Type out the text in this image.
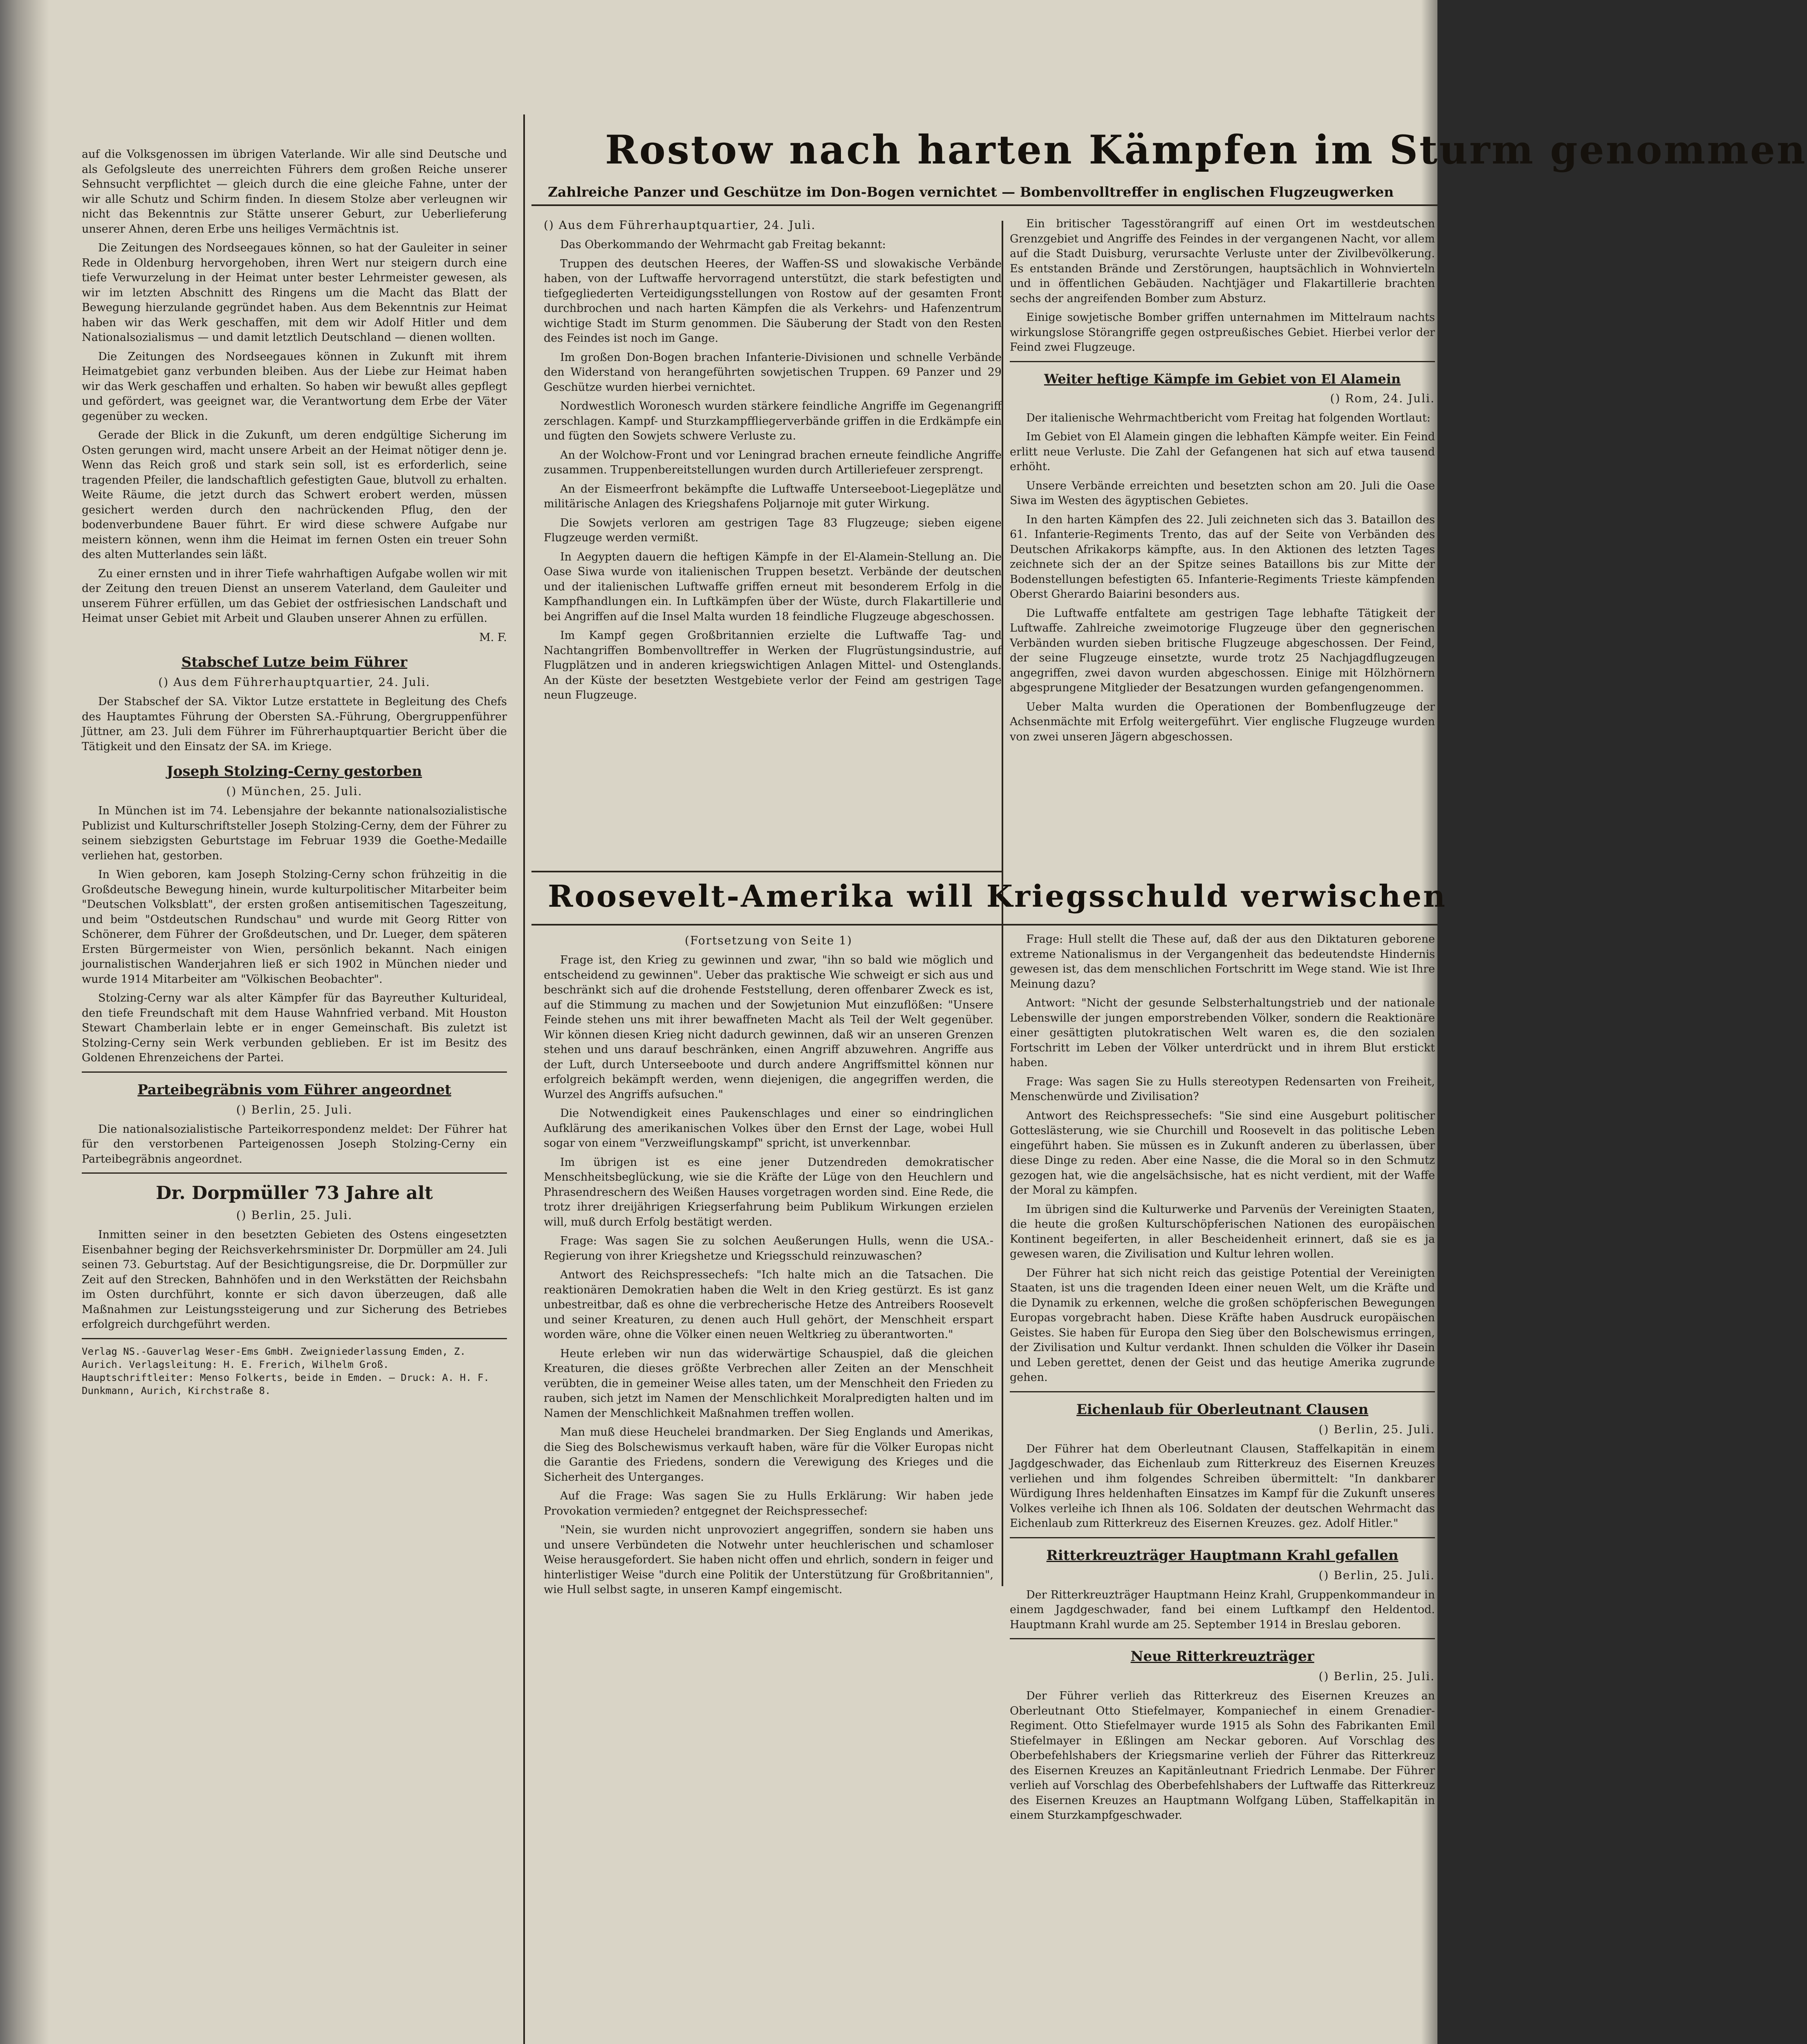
Rostow nach harten Kämpfen im Sturm genommen
Zahlreiche Panzer und Geschütze im Don-Bogen vernichtet — Bombenvolltreffer in englischen Flugzeugwerken

auf die Volksgenossen im übrigen Vaterlande. Wir alle sind Deutsche und als Gefolgsleute des unerreichten Führers dem großen Reiche unserer Sehnsucht verpflichtet — gleich durch die eine gleiche Fahne, unter der wir alle Schutz und Schirm finden. In diesem Stolze aber verleugnen wir nicht das Bekenntnis zur Stätte unserer Geburt, zur Ueberlieferung unserer Ahnen, deren Erbe uns heiliges Vermächtnis ist.

Die Zeitungen des Nordseegaues können, so hat der Gauleiter in seiner Rede in Oldenburg hervorgehoben, ihren Wert nur steigern durch eine tiefe Verwurzelung in der Heimat unter bester Lehrmeister gewesen, als wir im letzten Abschnitt des Ringens um die Macht das Blatt der Bewegung hierzulande gegründet haben. Aus dem Bekenntnis zur Heimat haben wir das Werk geschaffen, mit dem wir Adolf Hitler und dem Nationalsozialismus — und damit letztlich Deutschland — dienen wollten.

Die Zeitungen des Nordseegaues können in Zukunft mit ihrem Heimatgebiet ganz verbunden bleiben. Aus der Liebe zur Heimat haben wir das Werk geschaffen und erhalten. So haben wir bewußt alles gepflegt und gefördert, was geeignet war, die Verantwortung dem Erbe der Väter gegenüber zu wecken.

Gerade der Blick in die Zukunft, um deren endgültige Sicherung im Osten gerungen wird, macht unsere Arbeit an der Heimat nötiger denn je. Wenn das Reich groß und stark sein soll, ist es erforderlich, seine tragenden Pfeiler, die landschaftlich gefestigten Gaue, blutvoll zu erhalten. Weite Räume, die jetzt durch das Schwert erobert werden, müssen gesichert werden durch den nachrückenden Pflug, den der bodenverbundene Bauer führt. Er wird diese schwere Aufgabe nur meistern können, wenn ihm die Heimat im fernen Osten ein treuer Sohn des alten Mutterlandes sein läßt.

Zu einer ernsten und in ihrer Tiefe wahrhaftigen Aufgabe wollen wir mit der Zeitung den treuen Dienst an unserem Vaterland, dem Gauleiter und unserem Führer erfüllen, um das Gebiet der ostfriesischen Landschaft und Heimat unser Gebiet mit Arbeit und Glauben unserer Ahnen zu erfüllen.

M. F.

Stabschef Lutze beim Führer
() Aus dem Führerhauptquartier, 24. Juli.

Der Stabschef der SA. Viktor Lutze erstattete in Begleitung des Chefs des Hauptamtes Führung der Obersten SA.-Führung, Obergruppenführer Jüttner, am 23. Juli dem Führer im Führerhauptquartier Bericht über die Tätigkeit und den Einsatz der SA. im Kriege.

Joseph Stolzing-Cerny gestorben
() München, 25. Juli.

In München ist im 74. Lebensjahre der bekannte nationalsozialistische Publizist und Kulturschriftsteller Joseph Stolzing-Cerny, dem der Führer zu seinem siebzigsten Geburtstage im Februar 1939 die Goethe-Medaille verliehen hat, gestorben.

In Wien geboren, kam Joseph Stolzing-Cerny schon frühzeitig in die Großdeutsche Bewegung hinein, wurde kulturpolitischer Mitarbeiter beim "Deutschen Volksblatt", der ersten großen antisemitischen Tageszeitung, und beim "Ostdeutschen Rundschau" und wurde mit Georg Ritter von Schönerer, dem Führer der Großdeutschen, und Dr. Lueger, dem späteren Ersten Bürgermeister von Wien, persönlich bekannt. Nach einigen journalistischen Wanderjahren ließ er sich 1902 in München nieder und wurde 1914 Mitarbeiter am "Völkischen Beobachter".

Stolzing-Cerny war als alter Kämpfer für das Bayreuther Kulturideal, den tiefe Freundschaft mit dem Hause Wahnfried verband. Mit Houston Stewart Chamberlain lebte er in enger Gemeinschaft. Bis zuletzt ist Stolzing-Cerny sein Werk verbunden geblieben. Er ist im Besitz des Goldenen Ehrenzeichens der Partei.

Parteibegräbnis vom Führer angeordnet
() Berlin, 25. Juli.

Die nationalsozialistische Parteikorrespondenz meldet: Der Führer hat für den verstorbenen Parteigenossen Joseph Stolzing-Cerny ein Parteibegräbnis angeordnet.

Dr. Dorpmüller 73 Jahre alt
() Berlin, 25. Juli.

Inmitten seiner in den besetzten Gebieten des Ostens eingesetzten Eisenbahner beging der Reichsverkehrsminister Dr. Dorpmüller am 24. Juli seinen 73. Geburtstag. Auf der Besichtigungsreise, die Dr. Dorpmüller zur Zeit auf den Strecken, Bahnhöfen und in den Werkstätten der Reichsbahn im Osten durchführt, konnte er sich davon überzeugen, daß alle Maßnahmen zur Leistungssteigerung und zur Sicherung des Betriebes erfolgreich durchgeführt werden.

Verlag NS.-Gauverlag Weser-Ems GmbH. Zweigniederlassung Emden, Z. Aurich. Verlagsleitung: H. E. Frerich, Wilhelm Groß. Hauptschriftleiter: Menso Folkerts, beide in Emden. — Druck: A. H. F. Dunkmann, Aurich, Kirchstraße 8.
() Aus dem Führerhauptquartier, 24. Juli.

Das Oberkommando der Wehrmacht gab Freitag bekannt:

Truppen des deutschen Heeres, der Waffen-SS und slowakische Verbände haben, von der Luftwaffe hervorragend unterstützt, die stark befestigten und tiefgegliederten Verteidigungsstellungen von Rostow auf der gesamten Front durchbrochen und nach harten Kämpfen die als Verkehrs- und Hafenzentrum wichtige Stadt im Sturm genommen. Die Säuberung der Stadt von den Resten des Feindes ist noch im Gange.

Im großen Don-Bogen brachen Infanterie-Divisionen und schnelle Verbände den Widerstand von herangeführten sowjetischen Truppen. 69 Panzer und 29 Geschütze wurden hierbei vernichtet.

Nordwestlich Woronesch wurden stärkere feindliche Angriffe im Gegenangriff zerschlagen. Kampf- und Sturzkampffliegerverbände griffen in die Erdkämpfe ein und fügten den Sowjets schwere Verluste zu.

An der Wolchow-Front und vor Leningrad brachen erneute feindliche Angriffe zusammen. Truppenbereitstellungen wurden durch Artilleriefeuer zersprengt.

An der Eismeerfront bekämpfte die Luftwaffe Unterseeboot-Liegeplätze und militärische Anlagen des Kriegshafens Poljarnoje mit guter Wirkung.

Die Sowjets verloren am gestrigen Tage 83 Flugzeuge; sieben eigene Flugzeuge werden vermißt.

In Aegypten dauern die heftigen Kämpfe in der El-Alamein-Stellung an. Die Oase Siwa wurde von italienischen Truppen besetzt. Verbände der deutschen und der italienischen Luftwaffe griffen erneut mit besonderem Erfolg in die Kampfhandlungen ein. In Luftkämpfen über der Wüste, durch Flakartillerie und bei Angriffen auf die Insel Malta wurden 18 feindliche Flugzeuge abgeschossen.

Im Kampf gegen Großbritannien erzielte die Luftwaffe Tag- und Nachtangriffen Bombenvolltreffer in Werken der Flugrüstungsindustrie, auf Flugplätzen und in anderen kriegswichtigen Anlagen Mittel- und Ostenglands. An der Küste der besetzten Westgebiete verlor der Feind am gestrigen Tage neun Flugzeuge.

Roosevelt-Amerika will Kriegsschuld verwischen
(Fortsetzung von Seite 1)

Frage ist, den Krieg zu gewinnen und zwar, "ihn so bald wie möglich und entscheidend zu gewinnen". Ueber das praktische Wie schweigt er sich aus und beschränkt sich auf die drohende Feststellung, deren offenbarer Zweck es ist, auf die Stimmung zu machen und der Sowjetunion Mut einzuflößen: "Unsere Feinde stehen uns mit ihrer bewaffneten Macht als Teil der Welt gegenüber. Wir können diesen Krieg nicht dadurch gewinnen, daß wir an unseren Grenzen stehen und uns darauf beschränken, einen Angriff abzuwehren. Angriffe aus der Luft, durch Unterseeboote und durch andere Angriffsmittel können nur erfolgreich bekämpft werden, wenn diejenigen, die angegriffen werden, die Wurzel des Angriffs aufsuchen."

Die Notwendigkeit eines Paukenschlages und einer so eindringlichen Aufklärung des amerikanischen Volkes über den Ernst der Lage, wobei Hull sogar von einem "Verzweiflungskampf" spricht, ist unverkennbar.

Im übrigen ist es eine jener Dutzendreden demokratischer Menschheitsbeglückung, wie sie die Kräfte der Lüge von den Heuchlern und Phrasendreschern des Weißen Hauses vorgetragen worden sind. Eine Rede, die trotz ihrer dreijährigen Kriegserfahrung beim Publikum Wirkungen erzielen will, muß durch Erfolg bestätigt werden.

Frage: Was sagen Sie zu solchen Aeußerungen Hulls, wenn die USA.-Regierung von ihrer Kriegshetze und Kriegsschuld reinzuwaschen?

Antwort des Reichspressechefs: "Ich halte mich an die Tatsachen. Die reaktionären Demokratien haben die Welt in den Krieg gestürzt. Es ist ganz unbestreitbar, daß es ohne die verbrecherische Hetze des Antreibers Roosevelt und seiner Kreaturen, zu denen auch Hull gehört, der Menschheit erspart worden wäre, ohne die Völker einen neuen Weltkrieg zu überantworten."

Heute erleben wir nun das widerwärtige Schauspiel, daß die gleichen Kreaturen, die dieses größte Verbrechen aller Zeiten an der Menschheit verübten, die in gemeiner Weise alles taten, um der Menschheit den Frieden zu rauben, sich jetzt im Namen der Menschlichkeit Moralpredigten halten und im Namen der Menschlichkeit Maßnahmen treffen wollen.

Man muß diese Heuchelei brandmarken. Der Sieg Englands und Amerikas, die Sieg des Bolschewismus verkauft haben, wäre für die Völker Europas nicht die Garantie des Friedens, sondern die Verewigung des Krieges und die Sicherheit des Unterganges.

Auf die Frage: Was sagen Sie zu Hulls Erklärung: Wir haben jede Provokation vermieden? entgegnet der Reichspressechef:

"Nein, sie wurden nicht unprovoziert angegriffen, sondern sie haben uns und unsere Verbündeten die Notwehr unter heuchlerischen und schamloser Weise herausgefordert. Sie haben nicht offen und ehrlich, sondern in feiger und hinterlistiger Weise "durch eine Politik der Unterstützung für Großbritannien", wie Hull selbst sagte, in unseren Kampf eingemischt.

Ein britischer Tagesstörangriff auf einen Ort im westdeutschen Grenzgebiet und Angriffe des Feindes in der vergangenen Nacht, vor allem auf die Stadt Duisburg, verursachte Verluste unter der Zivilbevölkerung. Es entstanden Brände und Zerstörungen, hauptsächlich in Wohnvierteln und in öffentlichen Gebäuden. Nachtjäger und Flakartillerie brachten sechs der angreifenden Bomber zum Absturz.

Einige sowjetische Bomber griffen unternahmen im Mittelraum nachts wirkungslose Störangriffe gegen ostpreußisches Gebiet. Hierbei verlor der Feind zwei Flugzeuge.

Weiter heftige Kämpfe im Gebiet von El Alamein
() Rom, 24. Juli.

Der italienische Wehrmachtbericht vom Freitag hat folgenden Wortlaut:

Im Gebiet von El Alamein gingen die lebhaften Kämpfe weiter. Ein Feind erlitt neue Verluste. Die Zahl der Gefangenen hat sich auf etwa tausend erhöht.

Unsere Verbände erreichten und besetzten schon am 20. Juli die Oase Siwa im Westen des ägyptischen Gebietes.

In den harten Kämpfen des 22. Juli zeichneten sich das 3. Bataillon des 61. Infanterie-Regiments Trento, das auf der Seite von Verbänden des Deutschen Afrikakorps kämpfte, aus. In den Aktionen des letzten Tages zeichnete sich der an der Spitze seines Bataillons bis zur Mitte der Bodenstellungen befestigten 65. Infanterie-Regiments Trieste kämpfenden Oberst Gherardo Baiarini besonders aus.

Die Luftwaffe entfaltete am gestrigen Tage lebhafte Tätigkeit der Luftwaffe. Zahlreiche zweimotorige Flugzeuge über den gegnerischen Verbänden wurden sieben britische Flugzeuge abgeschossen. Der Feind, der seine Flugzeuge einsetzte, wurde trotz 25 Nachjagdflugzeugen angegriffen, zwei davon wurden abgeschossen. Einige mit Hölzhörnern abgesprungene Mitglieder der Besatzungen wurden gefangengenommen.

Ueber Malta wurden die Operationen der Bombenflugzeuge der Achsenmächte mit Erfolg weitergeführt. Vier englische Flugzeuge wurden von zwei unseren Jägern abgeschossen.

Frage: Hull stellt die These auf, daß der aus den Diktaturen geborene extreme Nationalismus in der Vergangenheit das bedeutendste Hindernis gewesen ist, das dem menschlichen Fortschritt im Wege stand. Wie ist Ihre Meinung dazu?

Antwort: "Nicht der gesunde Selbsterhaltungstrieb und der nationale Lebenswille der jungen emporstrebenden Völker, sondern die Reaktionäre einer gesättigten plutokratischen Welt waren es, die den sozialen Fortschritt im Leben der Völker unterdrückt und in ihrem Blut erstickt haben.

Frage: Was sagen Sie zu Hulls stereotypen Redensarten von Freiheit, Menschenwürde und Zivilisation?

Antwort des Reichspressechefs: "Sie sind eine Ausgeburt politischer Gotteslästerung, wie sie Churchill und Roosevelt in das politische Leben eingeführt haben. Sie müssen es in Zukunft anderen zu überlassen, über diese Dinge zu reden. Aber eine Nasse, die die Moral so in den Schmutz gezogen hat, wie die angelsächsische, hat es nicht verdient, mit der Waffe der Moral zu kämpfen.

Im übrigen sind die Kulturwerke und Parvenüs der Vereinigten Staaten, die heute die großen Kulturschöpferischen Nationen des europäischen Kontinent begeiferten, in aller Bescheidenheit erinnert, daß sie es ja gewesen waren, die Zivilisation und Kultur lehren wollen.

Der Führer hat sich nicht reich das geistige Potential der Vereinigten Staaten, ist uns die tragenden Ideen einer neuen Welt, um die Kräfte und die Dynamik zu erkennen, welche die großen schöpferischen Bewegungen Europas vorgebracht haben. Diese Kräfte haben Ausdruck europäischen Geistes. Sie haben für Europa den Sieg über den Bolschewismus erringen, der Zivilisation und Kultur verdankt. Ihnen schulden die Völker ihr Dasein und Leben gerettet, denen der Geist und das heutige Amerika zugrunde gehen.

Eichenlaub für Oberleutnant Clausen
() Berlin, 25. Juli.

Der Führer hat dem Oberleutnant Clausen, Staffelkapitän in einem Jagdgeschwader, das Eichenlaub zum Ritterkreuz des Eisernen Kreuzes verliehen und ihm folgendes Schreiben übermittelt: "In dankbarer Würdigung Ihres heldenhaften Einsatzes im Kampf für die Zukunft unseres Volkes verleihe ich Ihnen als 106. Soldaten der deutschen Wehrmacht das Eichenlaub zum Ritterkreuz des Eisernen Kreuzes. gez. Adolf Hitler."

Ritterkreuzträger Hauptmann Krahl gefallen
() Berlin, 25. Juli.

Der Ritterkreuzträger Hauptmann Heinz Krahl, Gruppenkommandeur in einem Jagdgeschwader, fand bei einem Luftkampf den Heldentod. Hauptmann Krahl wurde am 25. September 1914 in Breslau geboren.

Neue Ritterkreuzträger
() Berlin, 25. Juli.

Der Führer verlieh das Ritterkreuz des Eisernen Kreuzes an Oberleutnant Otto Stiefelmayer, Kompaniechef in einem Grenadier-Regiment. Otto Stiefelmayer wurde 1915 als Sohn des Fabrikanten Emil Stiefelmayer in Eßlingen am Neckar geboren. Auf Vorschlag des Oberbefehlshabers der Kriegsmarine verlieh der Führer das Ritterkreuz des Eisernen Kreuzes an Kapitänleutnant Friedrich Lenmabe. Der Führer verlieh auf Vorschlag des Oberbefehlshabers der Luftwaffe das Ritterkreuz des Eisernen Kreuzes an Hauptmann Wolfgang Lüben, Staffelkapitän in einem Sturzkampfgeschwader.
